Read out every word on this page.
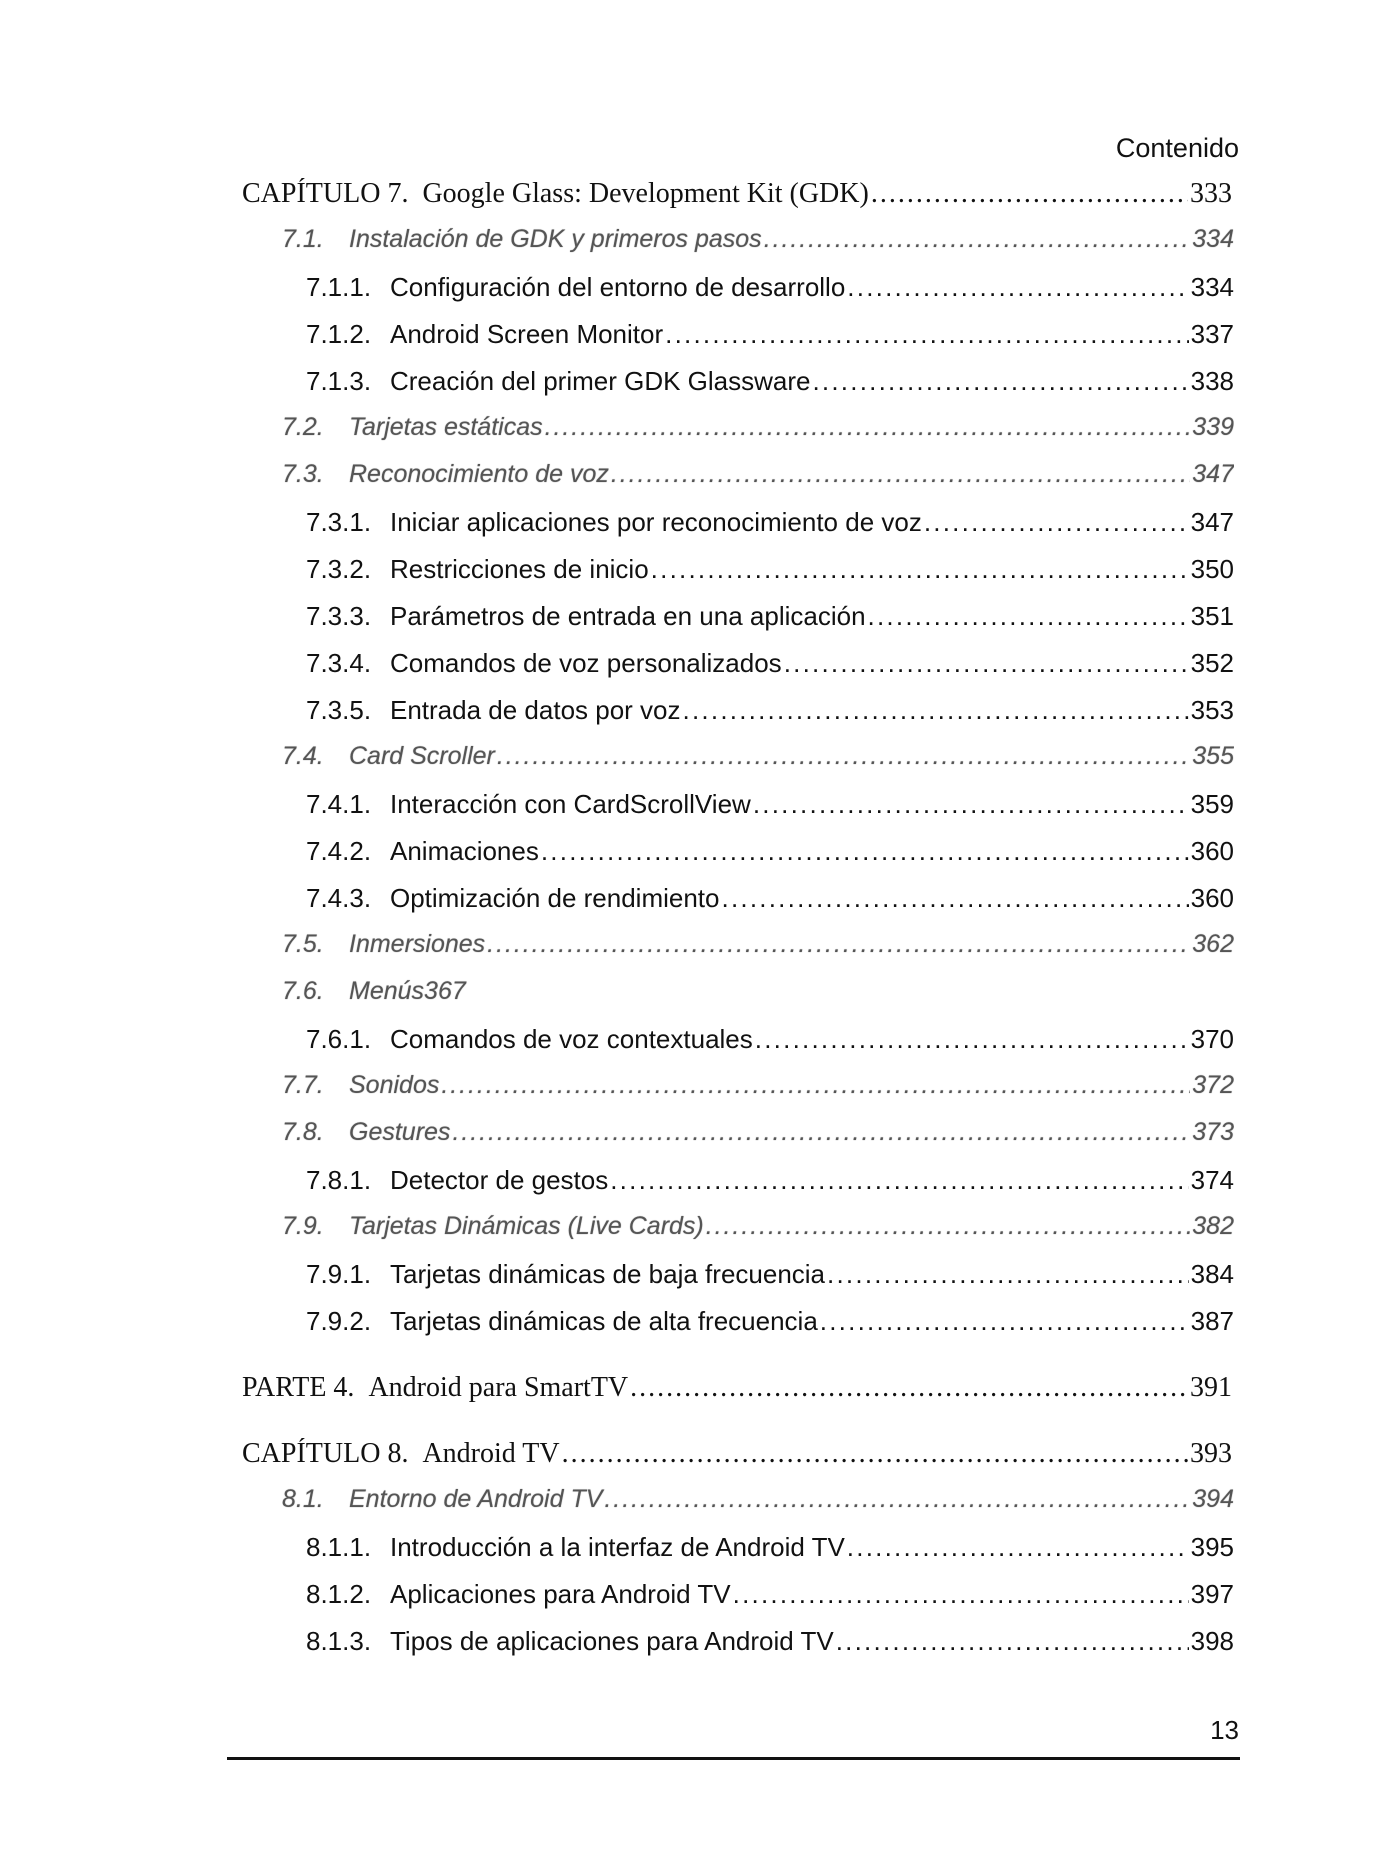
Contenido
CAPÍTULO 7. Google Glass: Development Kit (GDK) . . .	333
7.1.	Instalación de GDK y primeros pasos . . .	334
7.1.1. Configuración del entorno de desarrollo . . .	334
7.1.2. Android Screen Monitor . . .	337
7.1.3. Creación del primer GDK Glassware . . .	338
7.2.	Tarjetas estáticas . . .	339
7.3.	Reconocimiento de voz . . .	347
7.3.1. Iniciar aplicaciones por reconocimiento de voz . . .	347
7.3.2. Restricciones de inicio . . .	350
7.3.3. Parámetros de entrada en una aplicación . . .	351
7.3.4. Comandos de voz personalizados . . .	352
7.3.5. Entrada de datos por voz . . .	353
7.4.	Card Scroller . . .	355
7.4.1. Interacción con CardScrollView . . .	359
7.4.2. Animaciones . . .	360
7.4.3. Optimización de rendimiento . . .	360
7.5.	Inmersiones . . .	362
7.6.	Menús 367
7.6.1. Comandos de voz contextuales . . .	370
7.7.	Sonidos . . .	372
7.8.	Gestures . . .	373
7.8.1. Detector de gestos . . .	374
7.9.	Tarjetas Dinámicas (Live Cards) . . .	382
7.9.1. Tarjetas dinámicas de baja frecuencia . . .	384
7.9.2. Tarjetas dinámicas de alta frecuencia . . .	387
PARTE 4. Android para SmartTV . . .	391
CAPÍTULO 8. Android TV . . .	393
8.1.	Entorno de Android TV . . .	394
8.1.1. Introducción a la interfaz de Android TV . . .	395
8.1.2. Aplicaciones para Android TV . . .	397
8.1.3. Tipos de aplicaciones para Android TV . . .	398
13
